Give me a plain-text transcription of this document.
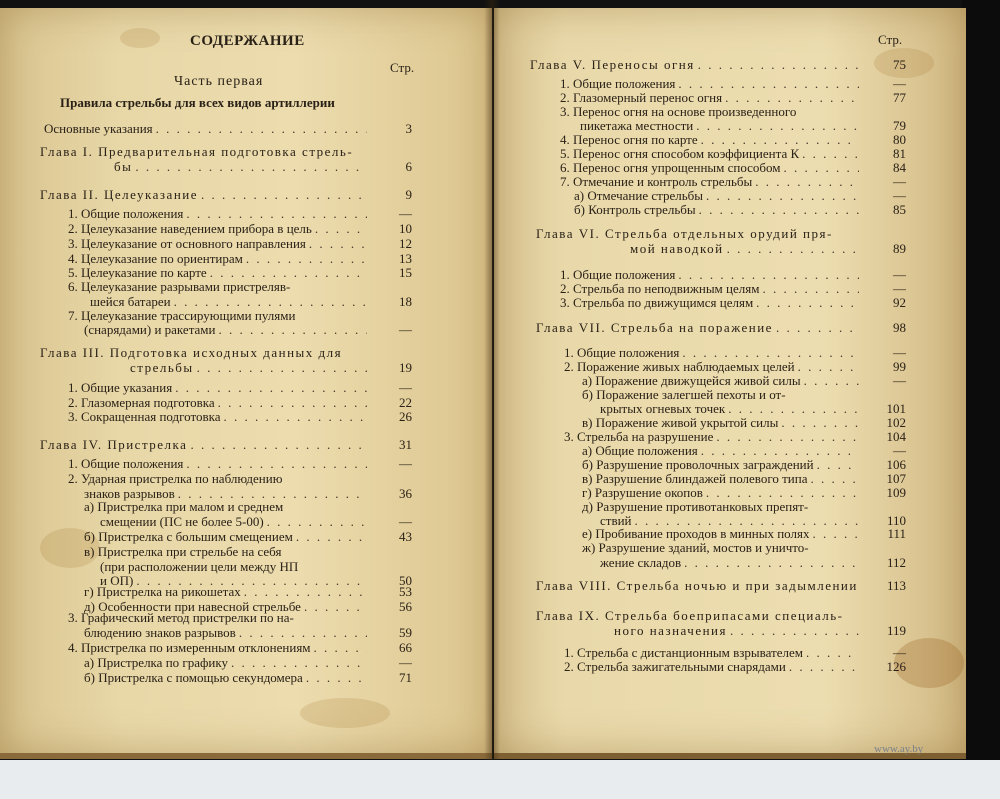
СОДЕРЖАНИЕ
Стр.
Часть первая
Правила стрельбы для всех видов артиллерии
Основные указания . . .	3
Глава I. Предварительная подготовка стрель-
бы . . .	6
Глава II. Целеуказание . . .	9
1. Общие положения . . .	—
2. Целеуказание наведением прибора в цель . . .	10
3. Целеуказание от основного направления . . .	12
4. Целеуказание по ориентирам . . .	13
5. Целеуказание по карте . . .	15
6. Целеуказание разрывами пристреляв-
шейся батареи . . .	18
7. Целеуказание трассирующими пулями
(снарядами) и ракетами . . .	—
Глава III. Подготовка исходных данных для
стрельбы . . .	19
1. Общие указания . . .	—
2. Глазомерная подготовка . . .	22
3. Сокращенная подготовка . . .	26
Глава IV. Пристрелка . . .	31
1. Общие положения . . .	—
2. Ударная пристрелка по наблюдению
знаков разрывов . . .	36
а) Пристрелка при малом и среднем
смещении (ПС не более 5-00) . . .	—
б) Пристрелка с большим смещением . . .	43
в) Пристрелка при стрельбе на себя
(при расположении цели между НП
и ОП) . . .	50
г) Пристрелка на рикошетах . . .	53
д) Особенности при навесной стрельбе . . .	56
3. Графический метод пристрелки по на-
блюдению знаков разрывов . . .	59
4. Пристрелка по измеренным отклонениям . . .	66
а) Пристрелка по графику . . .	—
б) Пристрелка с помощью секундомера . . .	71
Стр.
Глава V. Переносы огня . . .	75
1. Общие положения . . .	—
2. Глазомерный перенос огня . . .	77
3. Перенос огня на основе произведенного
пикетажа местности . . .	79
4. Перенос огня по карте . . .	80
5. Перенос огня способом коэффициента К . . .	81
6. Перенос огня упрощенным способом . . .	84
7. Отмечание и контроль стрельбы . . .	—
а) Отмечание стрельбы . . .	—
б) Контроль стрельбы . . .	85
Глава VI. Стрельба отдельных орудий пря-
мой наводкой . . .	89
1. Общие положения . . .	—
2. Стрельба по неподвижным целям . . .	—
3. Стрельба по движущимся целям . . .	92
Глава VII. Стрельба на поражение . . .	98
1. Общие положения . . .	—
2. Поражение живых наблюдаемых целей . . .	99
а) Поражение движущейся живой силы . . .	—
б) Поражение залегшей пехоты и от-
крытых огневых точек . . .	101
в) Поражение живой укрытой силы . . .	102
3. Стрельба на разрушение . . .	104
а) Общие положения . . .	—
б) Разрушение проволочных заграждений . . .	106
в) Разрушение блиндажей полевого типа . . .	107
г) Разрушение окопов . . .	109
д) Разрушение противотанковых препят-
ствий . . .	110
е) Пробивание проходов в минных полях . . .	111
ж) Разрушение зданий, мостов и уничто-
жение складов . . .	112
Глава VIII. Стрельба ночью и при задымлении	113
Глава IX. Стрельба боеприпасами специаль-
ного назначения . . .	119
1. Стрельба с дистанционным взрывателем . . .	—
2. Стрельба зажигательными снарядами . . .	126
www.ay.by
